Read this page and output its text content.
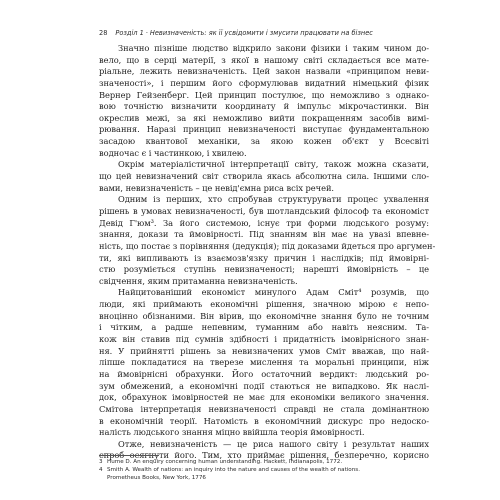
28 Розділ 1 · Невизначеність: як її усвідомити і змусити працювати на бізнес
Значно пізніше людство відкрило закони фізики і таким чином до-
вело, що в серці матерії, з якої в нашому світі складається все мате-
ріальне, лежить невизначеність. Цей закон назвали «принципом неви-
значеності», і першим його сформулював видатний німецький фізик
Вернер Гейзенберг. Цей принцип постулює, що неможливо з однако-
вою точністю визначити координату й імпульс мікрочастинки. Він
окреслив межі, за які неможливо вийти покращенням засобів вимі-
рювання. Наразі принцип невизначеності виступає фундаментальною
засадою квантової механіки, за якою кожен об'єкт у Всесвіті
водночас є і частинкою, і хвилею.
Окрім матеріалістичної інтерпретації світу, також можна сказати,
що цей невизначений світ створила якась абсолютна сила. Іншими сло-
вами, невизначеність – це невід'ємна риса всіх речей.
Одним із перших, хто спробував структурувати процес ухвалення
рішень в умовах невизначеності, був шотландський філософ та економіст
Девід Г'юм³. За його системою, існує три форми людського розуму:
знання, докази та ймовірності. Під знанням він має на увазі впевне-
ність, що постає з порівняння (дедукція); під доказами йдеться про аргумен-
ти, які випливають із взаємозв'язку причин і наслідків; під ймовірні-
стю розуміється ступінь невизначеності; нарешті ймовірність – це
свідчення, яким притаманна невизначеність.
Найцитованіший економіст минулого Адам Сміт⁴ розумів, що
люди, які приймають економічні рішення, значною мірою є непо-
вноцінно обізнаними. Він вірив, що економічне знання було не точним
і чітким, а радше непевним, туманним або навіть неясним. Та-
кож він ставив під сумнів здібності і придатність імовірнісного знан-
ня. У прийнятті рішень за невизначених умов Сміт вважав, що най-
ліпше покладатися на тверезе мислення та моральні принципи, ніж
на ймовірнісні обрахунки. Його остаточний вердикт: людський ро-
зум обмежений, а економічні події стаються не випадково. Як наслі-
док, обрахунок імовірностей не має для економіки великого значення.
Смітова інтерпретація невизначеності справді не стала домінантною
в економічній теорії. Натомість в економічний дискурс про недоско-
налість людського знання міцно ввійшла теорія ймовірності.
Отже, невизначеність — це риса нашого світу і результат наших
спроб осягнути його. Тим, хто приймає рішення, безперечно, корисно
3 Hume D. An enquiry concerning human understanding. Hackett, Indianapolis, 1772.
4 Smith A. Wealth of nations: an inquiry into the nature and causes of the wealth of nations.
Prometheus Books, New York, 1776
